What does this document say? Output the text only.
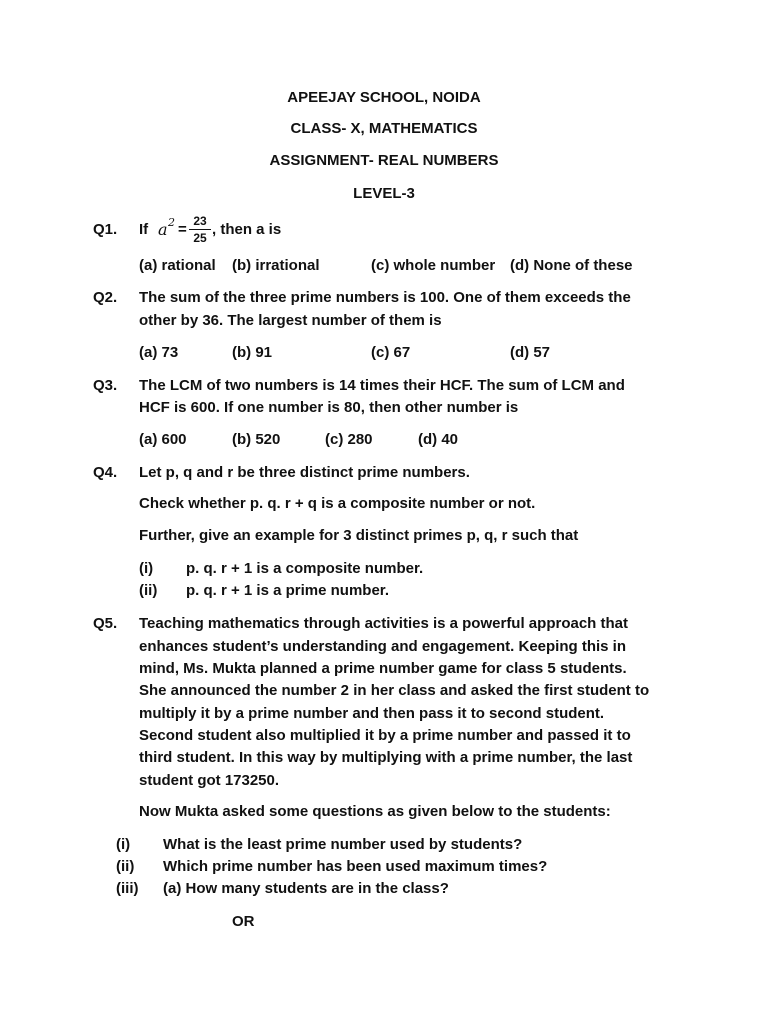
APEEJAY SCHOOL, NOIDA
CLASS- X, MATHEMATICS
ASSIGNMENT- REAL NUMBERS
LEVEL-3
Q1. If a 2 = 23
25 , then a is
(a) rational (b) irrational	(c) whole number (d) None of these
Q2. The sum of the three prime numbers is 100. One of them exceeds the
other by 36. The largest number of them is
(a) 73	(b) 91	(c) 67	(d) 57
Q3. The LCM of two numbers is 14 times their HCF. The sum of LCM and
HCF is 600. If one number is 80, then other number is
(a) 600	(b) 520	(c) 280	(d) 40
Q4. Let p, q and r be three distinct prime numbers.
Check whether p. q. r + q is a composite number or not.
Further, give an example for 3 distinct primes p, q, r such that
(i) p. q. r + 1 is a composite number.
(ii) p. q. r + 1 is a prime number.
Q5. Teaching mathematics through activities is a powerful approach that
enhances student’s understanding and engagement. Keeping this in
mind, Ms. Mukta planned a prime number game for class 5 students.
She announced the number 2 in her class and asked the first student to
multiply it by a prime number and then pass it to second student.
Second student also multiplied it by a prime number and passed it to
third student. In this way by multiplying with a prime number, the last
student got 173250.
Now Mukta asked some questions as given below to the students:
(i) What is the least prime number used by students?
(ii) Which prime number has been used maximum times?
(iii) (a) How many students are in the class?
OR
